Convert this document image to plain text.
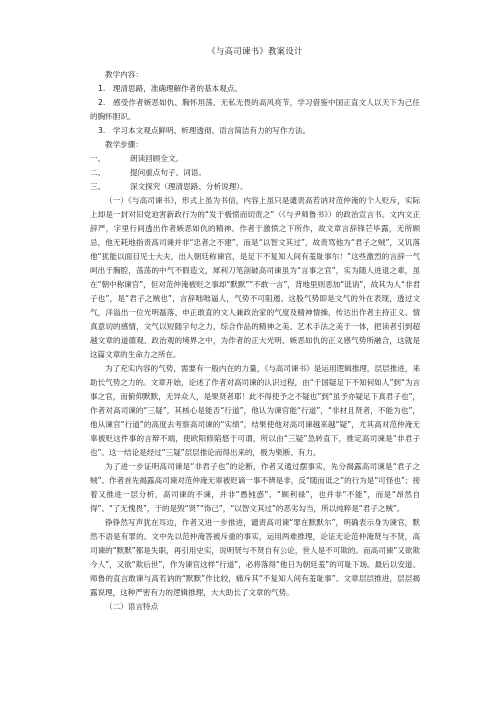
《与高司谏书》教案设计

教学内容：

1.　理清思路，准确理解作者的基本观点。

2.　感受作者嫉恶如仇、胸怀坦荡、无私无畏的高风亮节，学习借鉴中国正直文人以天下为己任的胸怀胆识。

3.　学习本文观点鲜明、析理透彻、语言简洁有力的写作方法。

教学步骤：

一、	朗读回顾全文。

二、	提问重点句子、词语。

三、	深文探究（理清思路、分析说理）。

（一）《与高司谏书》，形式上虽为书信，内容上虽只是谴责高若讷对范仲淹的个人贬斥，实际上却是一封对旧党迫害新政行为的“发于极愤而切责之”（《与尹师鲁书》）的政治宣言书。文内文正辞严，字里行间透出作者嫉恶如仇的精神。作者于激愤之下所作，故文章言辞锋芒毕露，无所顾忌，他无耗地指责高司谏并非“忠者之不建”，而是“以智文其过”，故责骂他为“君子之贼”，又讥落他“犹能以面目见士大夫，出入朝廷称谏官，是足下不复知人间有羞耻事尔！”这些激烈的言辞一气呵出于胸腔，荡荡的中气不假造文，犀利刀笔剖破高司谏虽为“言事之官”，实为随人进退之辈，虽在“朝中称谏官”，但对范仲淹被贬之事却“默默”“不敢一言”，背地里则恶加“诋诮”，故其为人“非君子也”，是“君子之贼也”，言辞咄咄逼人，气势不可阻遏。这股气势即是文气的外在表现，透过文气，洋溢出一位光明磊落、申正敢直的文人兼政治家的气度及精神情操，传达出作者主持正义、情真意切的感情，文气以短随字句之力，综合作品的精神之美、艺术手法之美于一体，把读者引到超越文章的道德观、政治观的境界之中，为作者的正大光明、嫉恶如仇的正义感气势所融合，这就是这篇文章的生命力之所在。

为了充实内容的气势，需要有一般内在的力量，《与高司谏书》是运用逻辑推理，层层推进，来助长气势之力的。文章开始，论述了作者对高司谏的认识过程，由“于国疑足下不知何如人”到“为言事之官，而俯仰默默，无异众人，是果贤者耶！此不得使予之不疑也”到“虽予亦疑足下真君子也”，作者对高司谏的“三疑”，其核心是能否“行道”，他认为谏官能“行道”，“非材且贤者，不能为也”，他从谏官“行道”的高度去考察高司谏的“实绩”，结果使他对高司谏越来越“疑”，尤其高对范仲淹无辜被贬这件事的言辩不端，使欧阳修陷悠于可谓，所以由“三疑”急转直下，推定高司谏是“非君子也”。这一结论是经过“三疑”层层推论而得出来的，极为果断、有力。

为了进一步证明高司谏是“非君子也”的论断，作者又通过摆事实，先分揭露高司谏是“君子之贼”。作者首先揭露高司谏对范仲淹无辜被贬谪一事不辨是非，反“随而诋之”的行为是“可怪也”；接着又推进一层分析，高司谏的不谏，并非“愚钝惑”、“顾利禄”，也并非“不能”，而是“昂然自得”、“了无愧畏”，于的是毁“贤”“饰己”，“以智文其过”的恶劣勾当，所以纯粹是“君子之贼”。

铮铮然写声犹在耳边，作者又进一步推进，谴责高司谏“罪在默默尔”，明确表示身为谏官，默然不语是有罪的。文中先以范仲淹答被斥重的事实，运用两难推理，论证无论范仲淹贤与不贤，高司谏的“默默”都是失职，再引用史实，说明贤与不贤自有公论，世人是不可欺的。而高司谏“又欲欺今人”，又欲“欺后世”，作为谏官这样“行道”，必将落得“他日为朝廷羞”的可耻下场。最后以安道、师鲁的直言敢谏与高若讷的“默默”作比较，痛斥其“不复知人间有羞耻事”。文章层层推进，层层揭露说理，这种严密有力的逻辑推理，大大助长了文章的气势。

（二）语言特点
